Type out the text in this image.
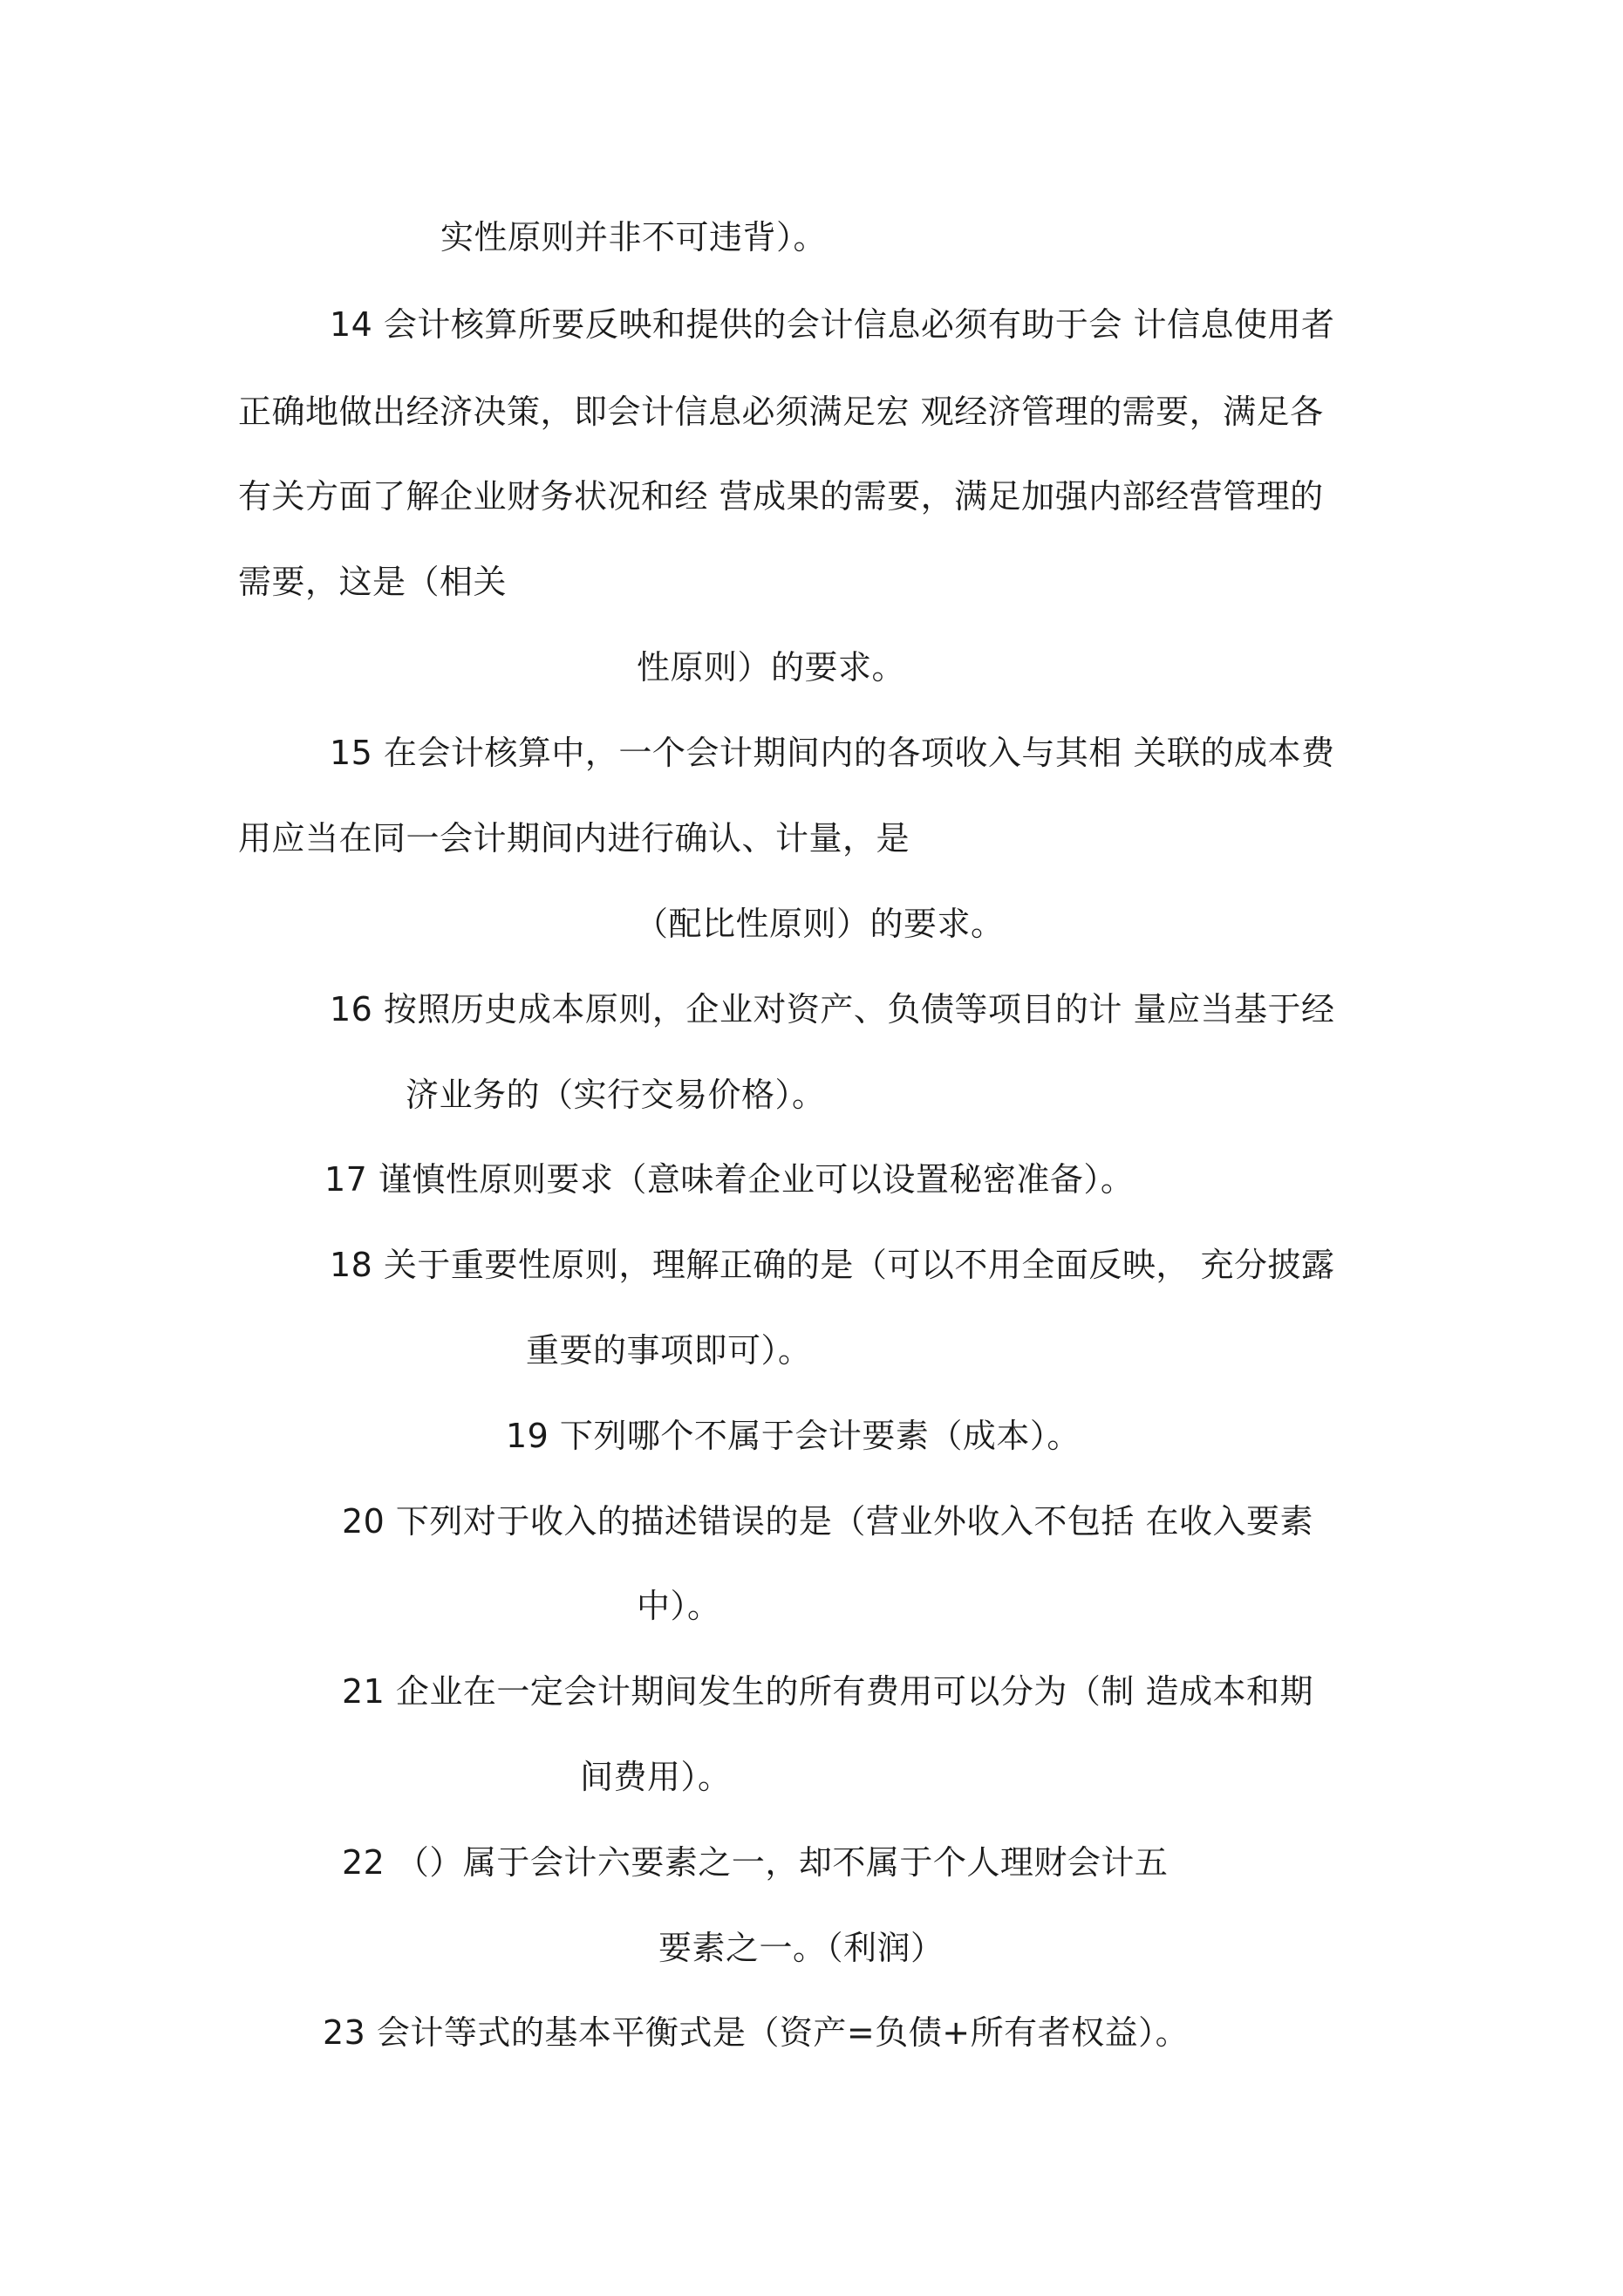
实性原则并非不可违背）。
14 会计核算所要反映和提供的会计信息必须有助于会 计信息使用者
正确地做出经济决策，即会计信息必须满足宏 观经济管理的需要，满足各
有关方面了解企业财务状况和经 营成果的需要，满足加强内部经营管理的
需要，这是（相关
性原则）的要求。
15 在会计核算中，一个会计期间内的各项收入与其相 关联的成本费
用应当在同一会计期间内进行确认、计量，是
（配比性原则）的要求。
16 按照历史成本原则，企业对资产、负债等项目的计 量应当基于经
济业务的（实行交易价格）。
17 谨慎性原则要求（意味着企业可以设置秘密准备）。
18 关于重要性原则，理解正确的是（可以不用全面反映， 充分披露
重要的事项即可）。
19 下列哪个不属于会计要素（成本）。
20 下列对于收入的描述错误的是（营业外收入不包括 在收入要素
中）。
21 企业在一定会计期间发生的所有费用可以分为（制 造成本和期
间费用）。
22 （）属于会计六要素之一，却不属于个人理财会计五
要素之一。（利润）
23 会计等式的基本平衡式是（资产=负债+所有者权益）。
